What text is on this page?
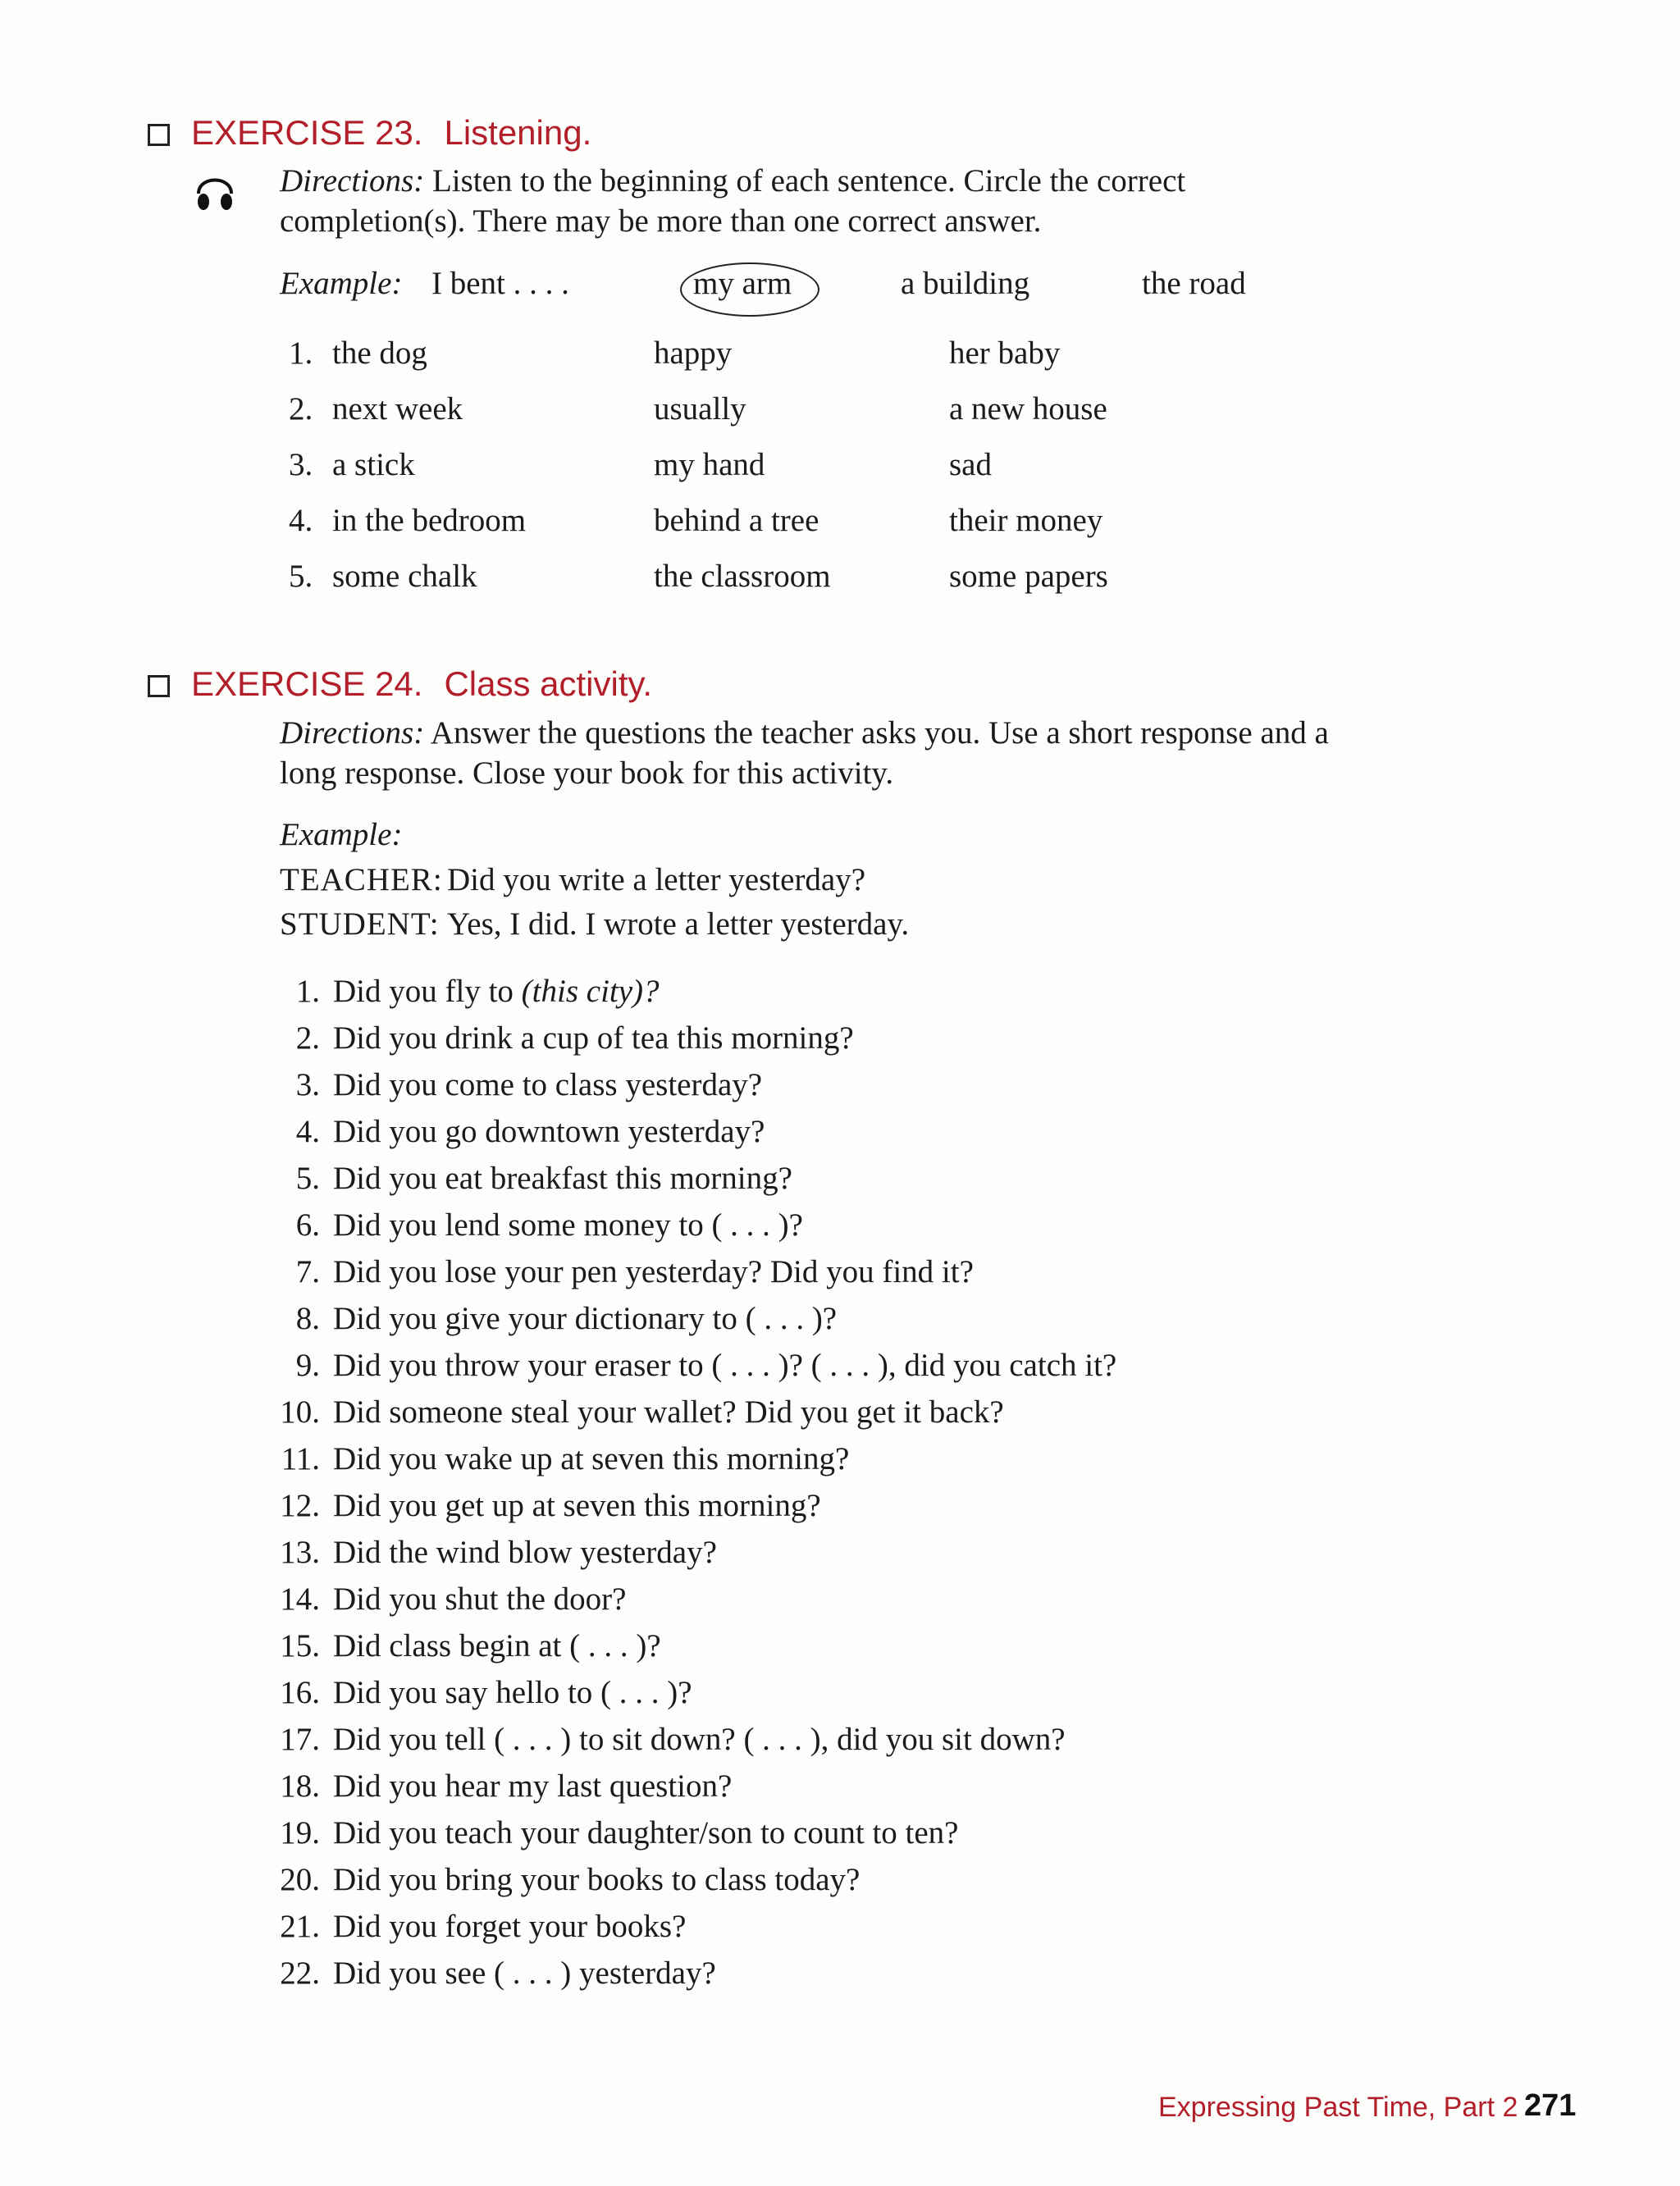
EXERCISE 23. Listening.
Directions: Listen to the beginning of each sentence. Circle the correct
completion(s). There may be more than one correct answer.
Example: I bent . . . .	my arm	a building	the road
1. the dog	happy	her baby
2. next week	usually	a new house
3. a stick	my hand	sad
4. in the bedroom	behind a tree	their money
5. some chalk	the classroom	some papers
EXERCISE 24. Class activity.
Directions: Answer the questions the teacher asks you. Use a short response and a
long response. Close your book for this activity.
Example:
TEACHER: Did you write a letter yesterday?
STUDENT: Yes, I did. I wrote a letter yesterday.
1. Did you fly to (this city)?
2. Did you drink a cup of tea this morning?
3. Did you come to class yesterday?
4. Did you go downtown yesterday?
5. Did you eat breakfast this morning?
6. Did you lend some money to ( . . . )?
7. Did you lose your pen yesterday? Did you find it?
8. Did you give your dictionary to ( . . . )?
9. Did you throw your eraser to ( . . . )? ( . . . ), did you catch it?
10. Did someone steal your wallet? Did you get it back?
11. Did you wake up at seven this morning?
12. Did you get up at seven this morning?
13. Did the wind blow yesterday?
14. Did you shut the door?
15. Did class begin at ( . . . )?
16. Did you say hello to ( . . . )?
17. Did you tell ( . . . ) to sit down? ( . . . ), did you sit down?
18. Did you hear my last question?
19. Did you teach your daughter/son to count to ten?
20. Did you bring your books to class today?
21. Did you forget your books?
22. Did you see ( . . . ) yesterday?
Expressing Past Time, Part 2 271
